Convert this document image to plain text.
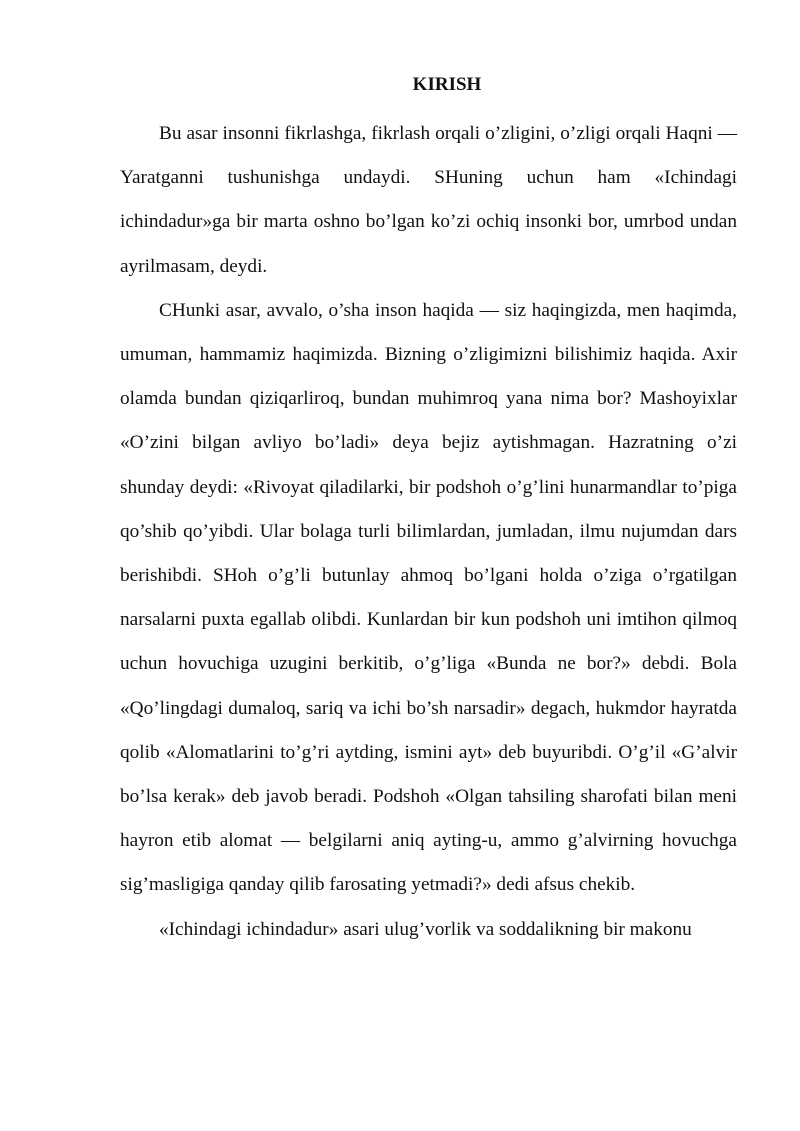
KIRISH

Bu asar insonni fikrlashga, fikrlash orqali o’zligini, o’zligi orqali Haqni — Yaratganni tushunishga undaydi. SHuning uchun ham «Ichindagi ichindadur»ga bir marta oshno bo’lgan ko’zi ochiq insonki bor, umrbod undan ayrilmasam, deydi.

CHunki asar, avvalo, o’sha inson haqida — siz haqingizda, men haqimda, umuman, hammamiz haqimizda. Bizning o’zligimizni bilishimiz haqida. Axir olamda bundan qiziqarliroq, bundan muhimroq yana nima bor? Mashoyixlar «O’zini bilgan avliyo bo’ladi» deya bejiz aytishmagan. Hazratning o’zi shunday deydi: «Rivoyat qiladilarki, bir podshoh o’g’lini hunarmandlar to’piga qo’shib qo’yibdi. Ular bolaga turli bilimlardan, jumladan, ilmu nujumdan dars berishibdi. SHoh o’g’li butunlay ahmoq bo’lgani holda o’ziga o’rgatilgan narsalarni puxta egallab olibdi. Kunlardan bir kun podshoh uni imtihon qilmoq uchun hovuchiga uzugini berkitib, o’g’liga «Bunda ne bor?» debdi. Bola «Qo’lingdagi dumaloq, sariq va ichi bo’sh narsadir» degach, hukmdor hayratda qolib «Alomatlarini to’g’ri aytding, ismini ayt» deb buyuribdi. O’g’il «G’alvir bo’lsa kerak» deb javob beradi. Podshoh «Olgan tahsiling sharofati bilan meni hayron etib alomat — belgilarni aniq ayting-u, ammo g’alvirning hovuchga sig’masligiga qanday qilib farosating yetmadi?» dedi afsus chekib.

«Ichindagi ichindadur» asari ulug’vorlik va soddalikning bir makonu
